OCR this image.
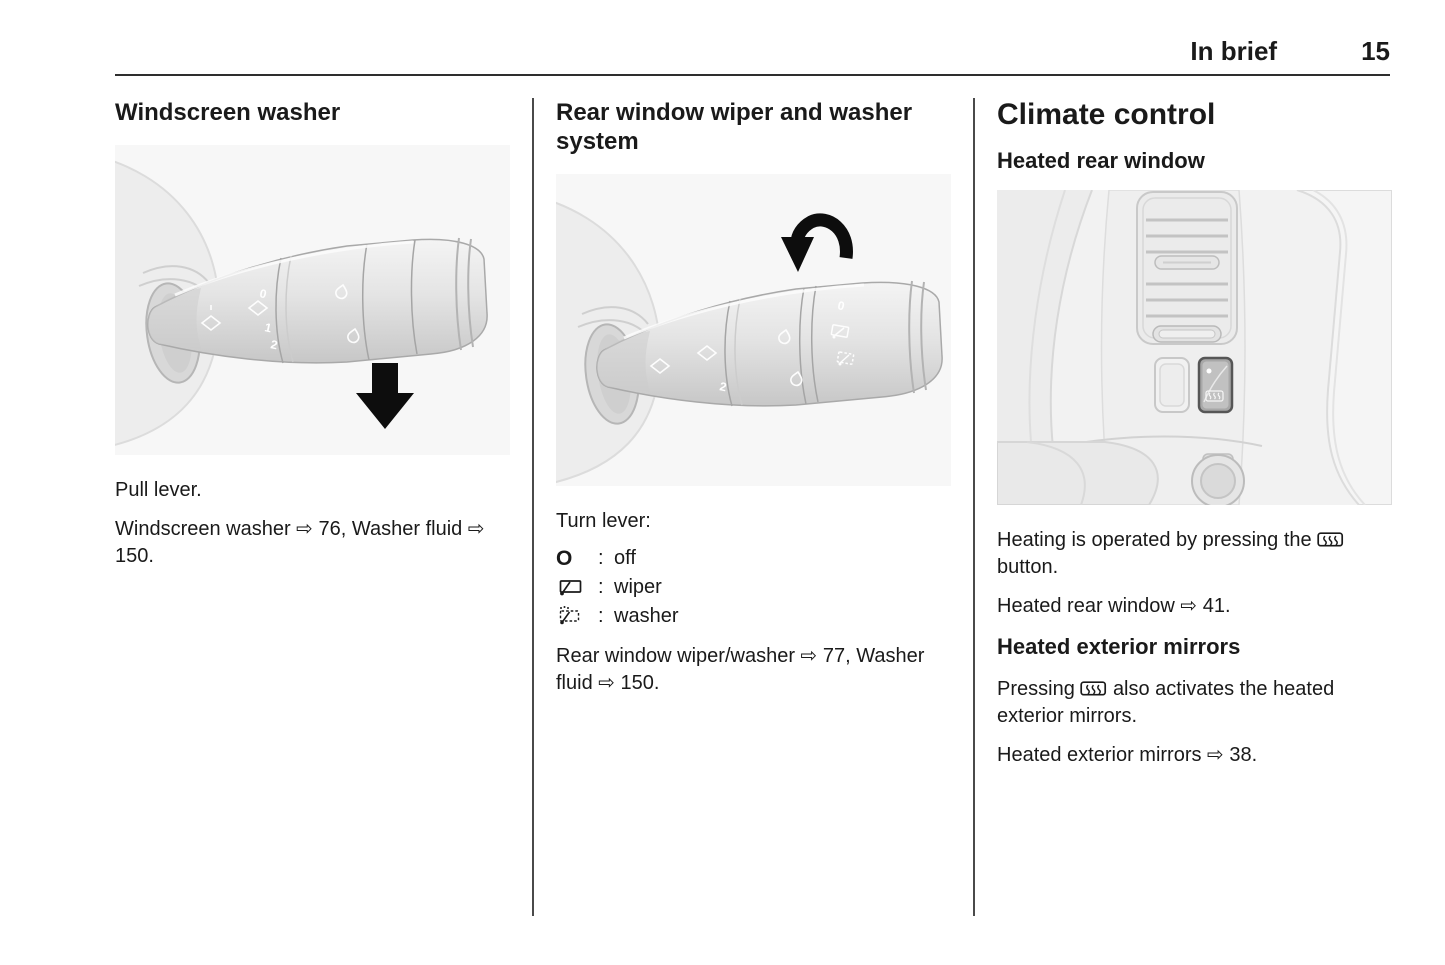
In brief	15
Windscreen washer
0
1
2

Pull lever.

Windscreen washer ⇨ 76, Washer fluid ⇨ 150.

Rear window wiper and washer system
2
0

Turn lever:

O	: off
: wiper
: washer

Rear window wiper/washer ⇨ 77, Washer fluid ⇨ 150.

Climate control
Heated rear window

Heating is operated by pressing the  button.

Heated rear window ⇨ 41.

Heated exterior mirrors

Pressing also activates the heated exterior mirrors.

Heated exterior mirrors ⇨ 38.
